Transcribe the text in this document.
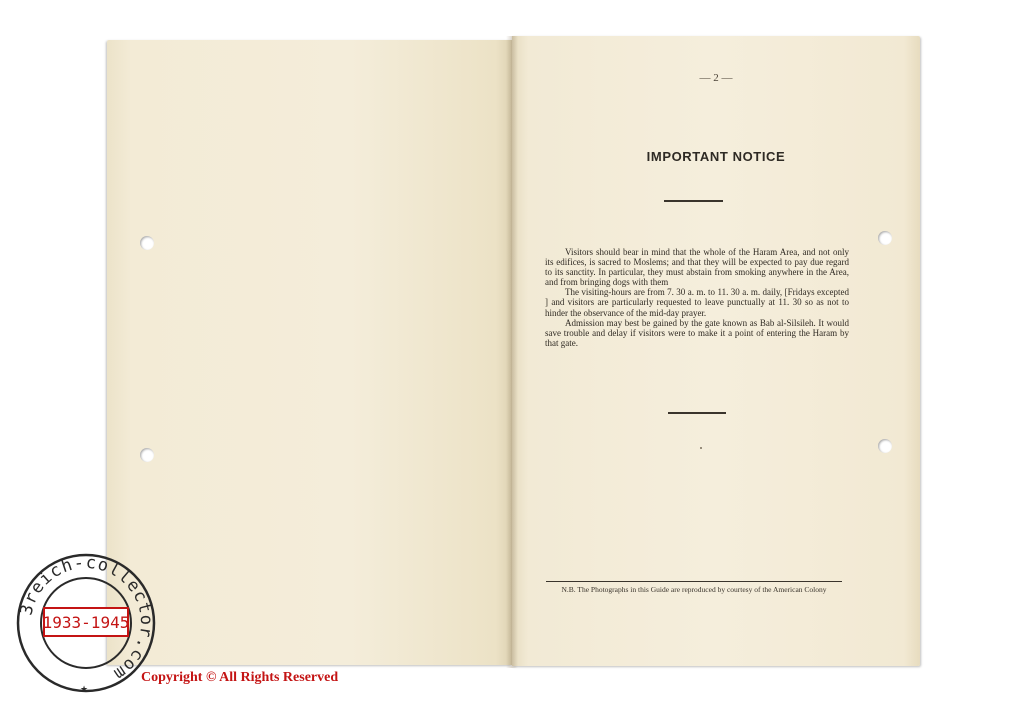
— 2 —
IMPORTANT NOTICE

Visitors should bear in mind that the whole of the Haram Area, and not only its edifices, is sacred to Moslems; and that they will be expected to pay due regard to its sanctity. In particular, they must abstain from smoking anywhere in the Area, and from bringing dogs with them

The visiting-hours are from 7. 30 a. m. to 11. 30 a. m. daily, [Fridays excepted ] and visitors are particularly requested to leave punctually at 11. 30 so as not to hinder the observance of the mid-day prayer.

Admission may best be gained by the gate known as Bab al-Silsileh. It would save trouble and delay if visitors were to make it a point of entering the Haram by that gate.

N.B. The Photographs in this Guide are reproduced by courtesy of the American Colony
3reich-collector.com
1933-1945
★
Copyright © All Rights Reserved
